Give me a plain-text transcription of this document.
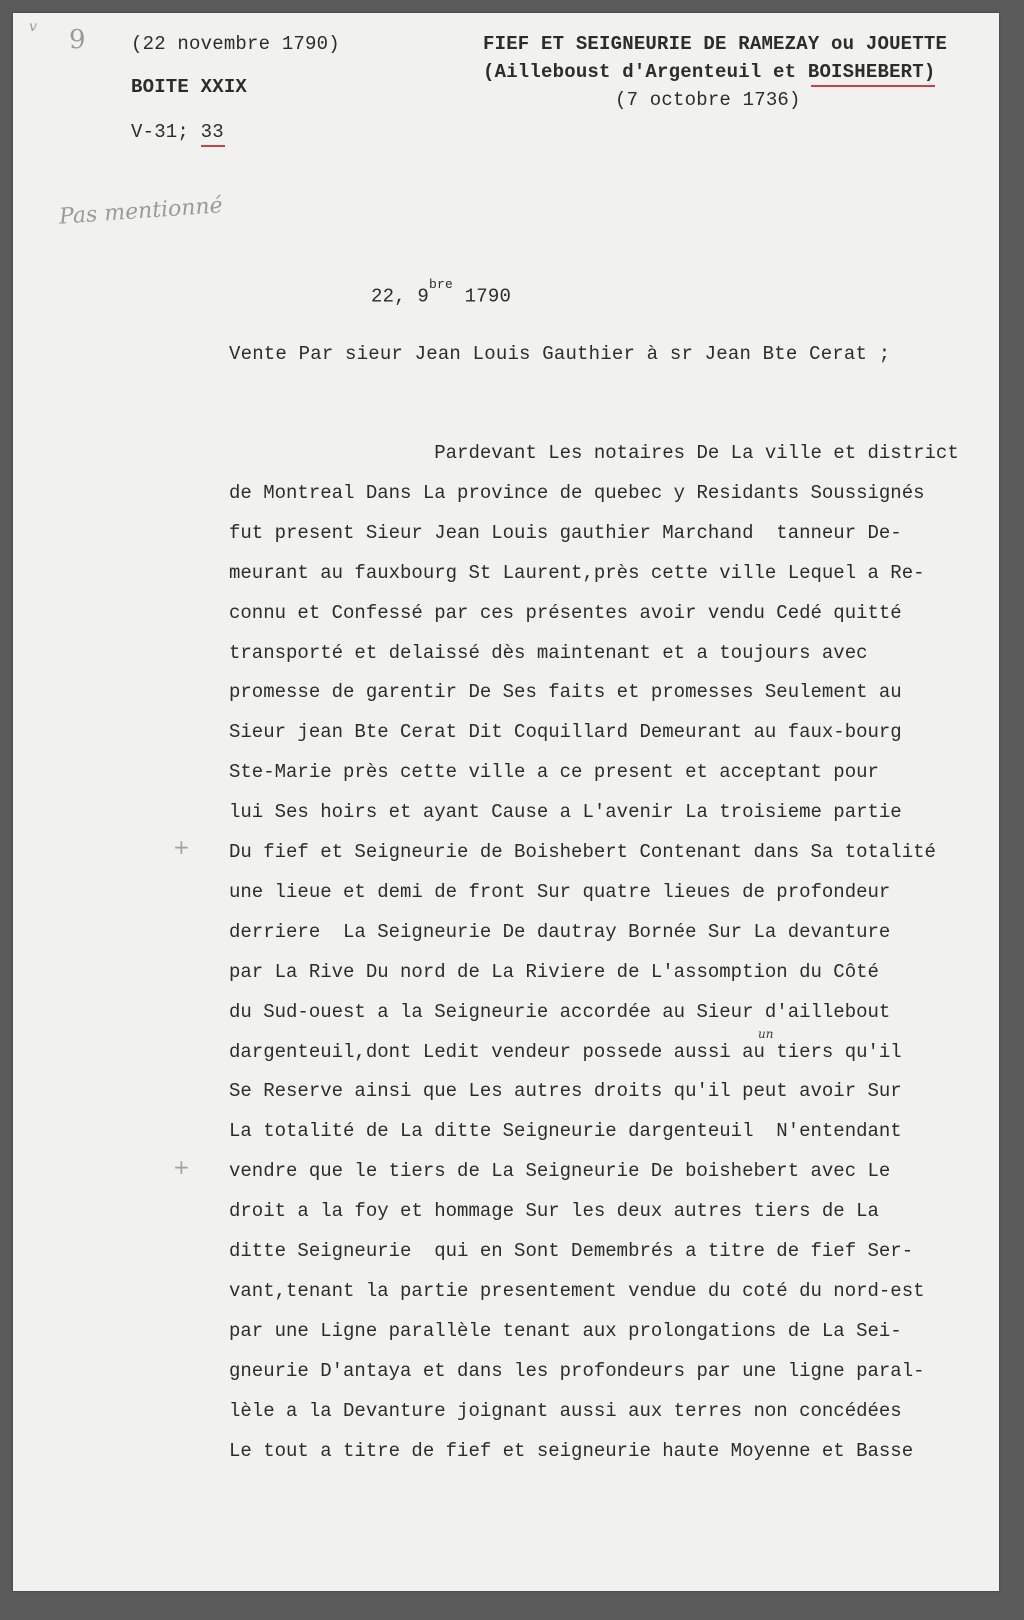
v 9
Pas mentionné
(22 novembre 1790)
BOITE XXIX
V-31; 33
FIEF ET SEIGNEURIE DE RAMEZAY ou JOUETTE
(Ailleboust d'Argenteuil et BOISHEBERT)
(7 octobre 1736)
22, $9^{bre}$ 1790
Vente Par sieur Jean Louis Gauthier à sr Jean Bte Cerat ;
Pardevant Les notaires De La ville et district
de Montreal Dans La province de quebec y Residants Soussignés
fut present Sieur Jean Louis gauthier Marchand  tanneur De-
meurant au fauxbourg St Laurent,près cette ville Lequel a Re-
connu et Confessé par ces présentes avoir vendu Cedé quitté
transporté et delaissé dès maintenant et a toujours avec
promesse de garentir De Ses faits et promesses Seulement au
Sieur jean Bte Cerat Dit Coquillard Demeurant au faux-bourg
Ste-Marie près cette ville a ce present et acceptant pour
lui Ses hoirs et ayant Cause a L'avenir La troisieme partie
Du fief et Seigneurie de Boishebert Contenant dans Sa totalité
une lieue et demi de front Sur quatre lieues de profondeur
derriere  La Seigneurie De dautray Bornée Sur La devanture
par La Rive Du nord de La Riviere de L'assomption du Côté
du Sud-ouest a la Seigneurie accordée au Sieur d'aillebout
dargenteuil,dont Ledit vendeur possede aussi au tiers qu'il
Se Reserve ainsi que Les autres droits qu'il peut avoir Sur
La totalité de La ditte Seigneurie dargenteuil  N'entendant
vendre que le tiers de La Seigneurie De boishebert avec Le
droit a la foy et hommage Sur les deux autres tiers de La
ditte Seigneurie  qui en Sont Demembrés a titre de fief Ser-
vant,tenant la partie presentement vendue du coté du nord-est
par une Ligne parallèle tenant aux prolongations de La Sei-
gneurie D'antaya et dans les profondeurs par une ligne paral-
lèle a la Devanture joignant aussi aux terres non concédées
Le tout a titre de fief et seigneurie haute Moyenne et Basse
un
+
+
